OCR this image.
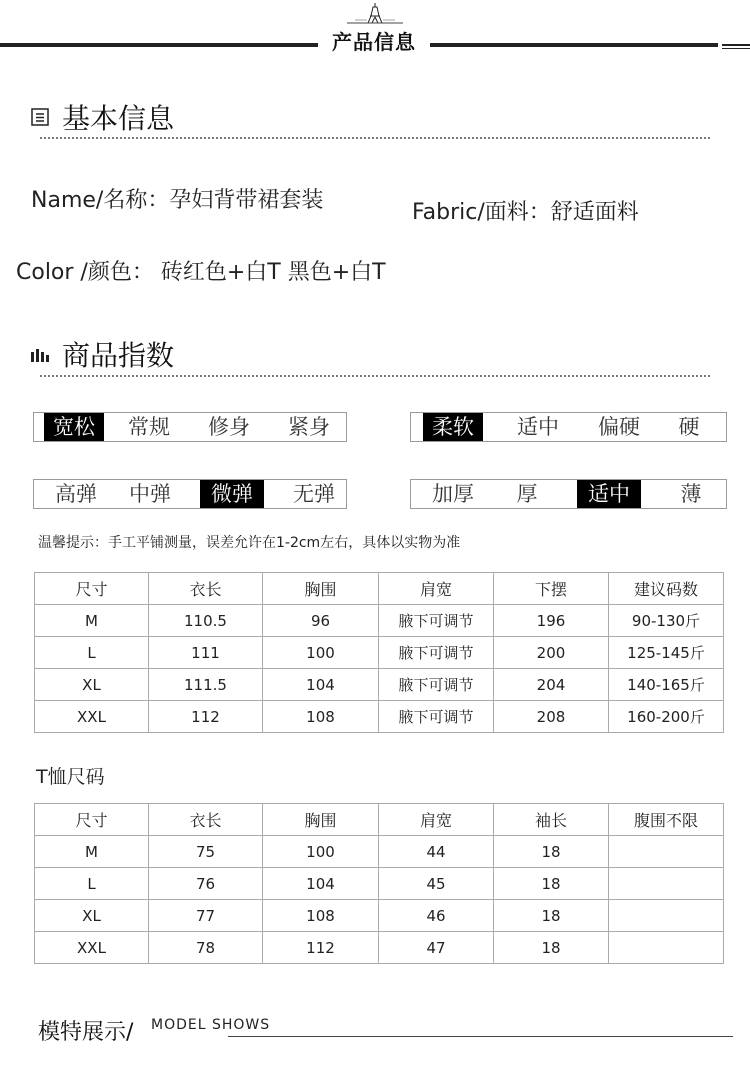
产品信息
基本信息
Name/名称：孕妇背带裙套装	Fabric/面料：舒适面料
Color /颜色： 砖红色+白T 黑色+白T
商品指数
宽松	常规	修身	紧身	柔软	适中	偏硬	硬
高弹	中弹	微弹	无弹	加厚	厚	适中	薄
温馨提示：手工平铺测量，误差允许在1-2cm左右，具体以实物为准
尺寸	衣长	胸围	肩宽	下摆	建议码数
M	110.5	96	腋下可调节	196	90-130斤
L	111	100	腋下可调节	200	125-145斤
XL	111.5	104	腋下可调节	204	140-165斤
XXL	112	108	腋下可调节	208	160-200斤
T恤尺码
尺寸	衣长	胸围	肩宽	袖长	腹围不限
M	75	100	44	18	
L	76	104	45	18	
XL	77	108	46	18	
XXL	78	112	47	18	
模特展示/ MODEL SHOWS
